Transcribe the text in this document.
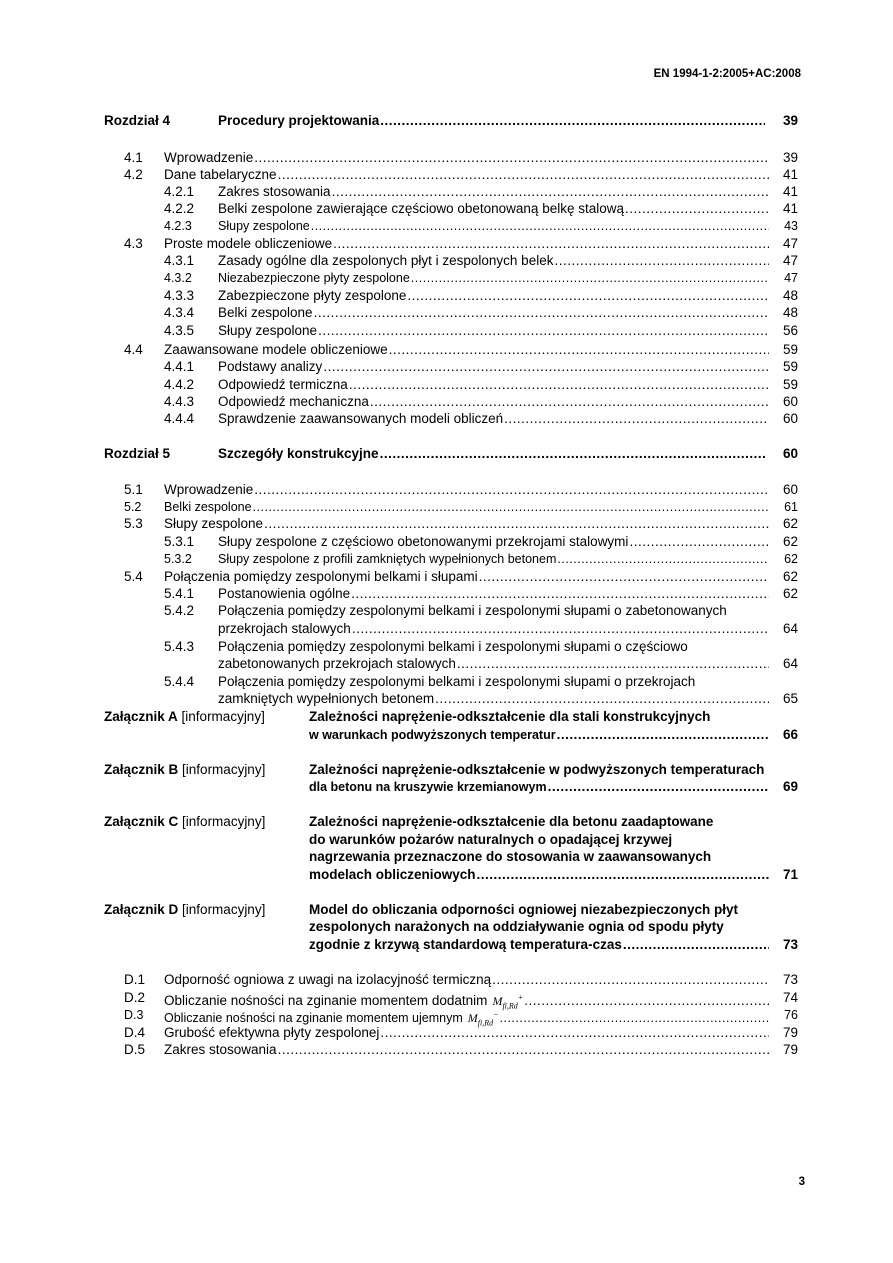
EN 1994-1-2:2005+AC:2008
Rozdział 4	Procedury projektowania .....	39
4.1 Wprowadzenie .....	39
4.2 Dane tabelaryczne .....	41
4.2.1 Zakres stosowania .....	41
4.2.2 Belki zespolone zawierające częściowo obetonowaną belkę stalową .....	41
4.2.3 Słupy zespolone .....	43
4.3 Proste modele obliczeniowe .....	47
4.3.1 Zasady ogólne dla zespolonych płyt i zespolonych belek .....	47
4.3.2 Niezabezpieczone płyty zespolone .....	47
4.3.3 Zabezpieczone płyty zespolone .....	48
4.3.4 Belki zespolone .....	48
4.3.5 Słupy zespolone .....	56
4.4 Zaawansowane modele obliczeniowe .....	59
4.4.1 Podstawy analizy .....	59
4.4.2 Odpowiedź termiczna .....	59
4.4.3 Odpowiedź mechaniczna .....	60
4.4.4 Sprawdzenie zaawansowanych modeli obliczeń .....	60
Rozdział 5	Szczegóły konstrukcyjne .....	60
5.1 Wprowadzenie .....	60
5.2 Belki zespolone .....	61
5.3 Słupy zespolone .....	62
5.3.1 Słupy zespolone z częściowo obetonowanymi przekrojami stalowymi .....	62
5.3.2 Słupy zespolone z profili zamkniętych wypełnionych betonem .....	62
5.4 Połączenia pomiędzy zespolonymi belkami i słupami .....	62
5.4.1 Postanowienia ogólne .....	62
5.4.2 Połączenia pomiędzy zespolonymi belkami i zespolonymi słupami o zabetonowanych
przekrojach stalowych .....	64
5.4.3 Połączenia pomiędzy zespolonymi belkami i zespolonymi słupami o częściowo
zabetonowanych przekrojach stalowych .....	64
5.4.4 Połączenia pomiędzy zespolonymi belkami i zespolonymi słupami o przekrojach
zamkniętych wypełnionych betonem .....	65
Załącznik A [informacyjny]	Zależności naprężenie-odkształcenie dla stali konstrukcyjnych
w warunkach podwyższonych temperatur .....	66
Załącznik B [informacyjny]	Zależności naprężenie-odkształcenie w podwyższonych temperaturach
dla betonu na kruszywie krzemianowym .....	69
Załącznik C [informacyjny]	Zależności naprężenie-odkształcenie dla betonu zaadaptowane
do warunków pożarów naturalnych o opadającej krzywej
nagrzewania przeznaczone do stosowania w zaawansowanych
modelach obliczeniowych .....	71
Załącznik D [informacyjny]	Model do obliczania odporności ogniowej niezabezpieczonych płyt
zespolonych narażonych na oddziaływanie ognia od spodu płyty
zgodnie z krzywą standardową temperatura-czas .....	73
D.1 Odporność ogniowa z uwagi na izolacyjność termiczną .....	73
D.2 Obliczanie nośności na zginanie momentem dodatnim $M_{fi,Rd}^+$ .....	74
D.3 Obliczanie nośności na zginanie momentem ujemnym $M_{fi,Rd}^-$ .....	76
D.4 Grubość efektywna płyty zespolonej .....	79
D.5 Zakres stosowania .....	79
3
